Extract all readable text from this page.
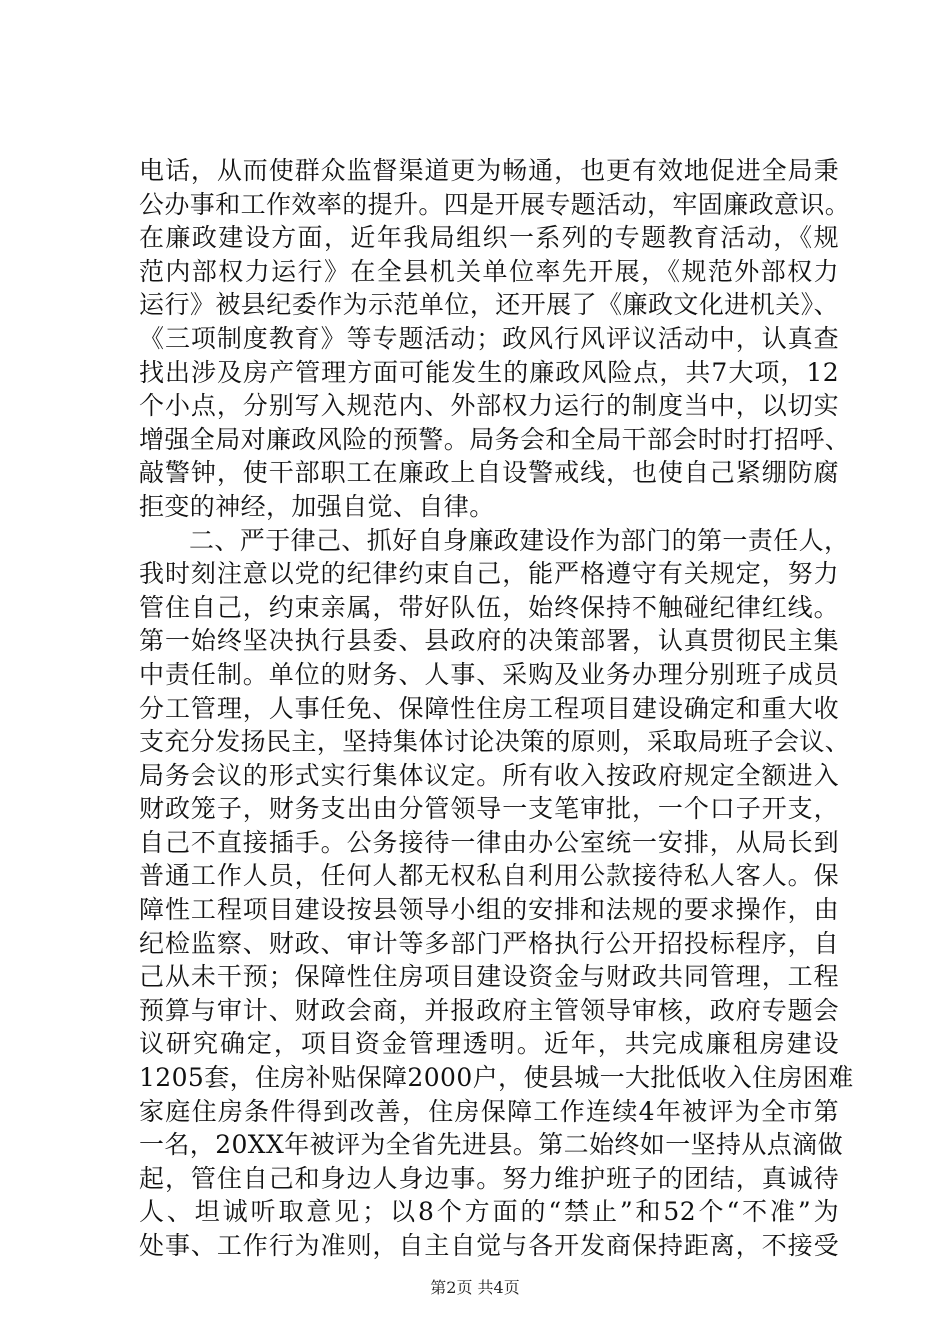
电话，从而使群众监督渠道更为畅通，也更有效地促进全局秉
公办事和工作效率的提升。四是开展专题活动，牢固廉政意识。
在廉政建设方面，近年我局组织一系列的专题教育活动，《规
范内部权力运行》在全县机关单位率先开展，《规范外部权力
运行》被县纪委作为示范单位，还开展了《廉政文化进机关》、
《三项制度教育》等专题活动；政风行风评议活动中，认真查
找出涉及房产管理方面可能发生的廉政风险点，共7大项，12
个小点，分别写入规范内、外部权力运行的制度当中，以切实
增强全局对廉政风险的预警。局务会和全局干部会时时打招呼、
敲警钟，使干部职工在廉政上自设警戒线，也使自己紧绷防腐
拒变的神经，加强自觉、自律。
二、严于律己、抓好自身廉政建设作为部门的第一责任人，
我时刻注意以党的纪律约束自己，能严格遵守有关规定，努力
管住自己，约束亲属，带好队伍，始终保持不触碰纪律红线。
第一始终坚决执行县委、县政府的决策部署，认真贯彻民主集
中责任制。单位的财务、人事、采购及业务办理分别班子成员
分工管理，人事任免、保障性住房工程项目建设确定和重大收
支充分发扬民主，坚持集体讨论决策的原则，采取局班子会议、
局务会议的形式实行集体议定。所有收入按政府规定全额进入
财政笼子，财务支出由分管领导一支笔审批，一个口子开支，
自己不直接插手。公务接待一律由办公室统一安排，从局长到
普通工作人员，任何人都无权私自利用公款接待私人客人。保
障性工程项目建设按县领导小组的安排和法规的要求操作，由
纪检监察、财政、审计等多部门严格执行公开招投标程序，自
己从未干预；保障性住房项目建设资金与财政共同管理，工程
预算与审计、财政会商，并报政府主管领导审核，政府专题会
议研究确定，项目资金管理透明。近年，共完成廉租房建设
1205套，住房补贴保障2000户，使县城一大批低收入住房困难
家庭住房条件得到改善，住房保障工作连续4年被评为全市第
一名，20XX年被评为全省先进县。第二始终如一坚持从点滴做
起，管住自己和身边人身边事。努力维护班子的团结，真诚待
人、坦诚听取意见；以8个方面的“禁止”和52个“不准”为
处事、工作行为准则，自主自觉与各开发商保持距离，不接受
第2页 共4页
